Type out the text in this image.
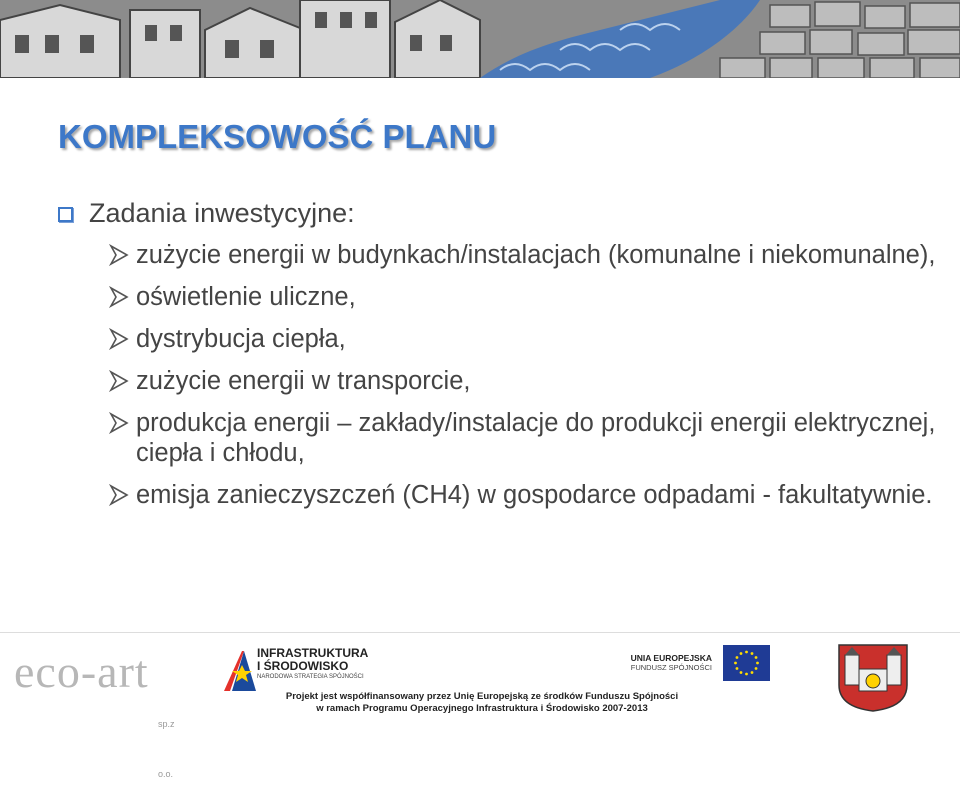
KOMPLEKSOWOŚĆ PLANU
Zadania inwestycyjne:
zużycie energii w budynkach/instalacjach (komunalne i niekomunalne),
oświetlenie uliczne,
dystrybucja ciepła,
zużycie energii w transporcie,
produkcja energii – zakłady/instalacje do produkcji energii elektrycznej, ciepła i chłodu,
emisja zanieczyszczeń (CH4) w gospodarce odpadami - fakultatywnie.
eco-art
sp.z o.o.
INFRASTRUKTURA
I ŚRODOWISKO
NARODOWA STRATEGIA SPÓJNOŚCI
UNIA EUROPEJSKA
FUNDUSZ SPÓJNOŚCI
Projekt jest współfinansowany przez Unię Europejską ze środków Funduszu Spójności
w ramach Programu Operacyjnego Infrastruktura i Środowisko 2007-2013
